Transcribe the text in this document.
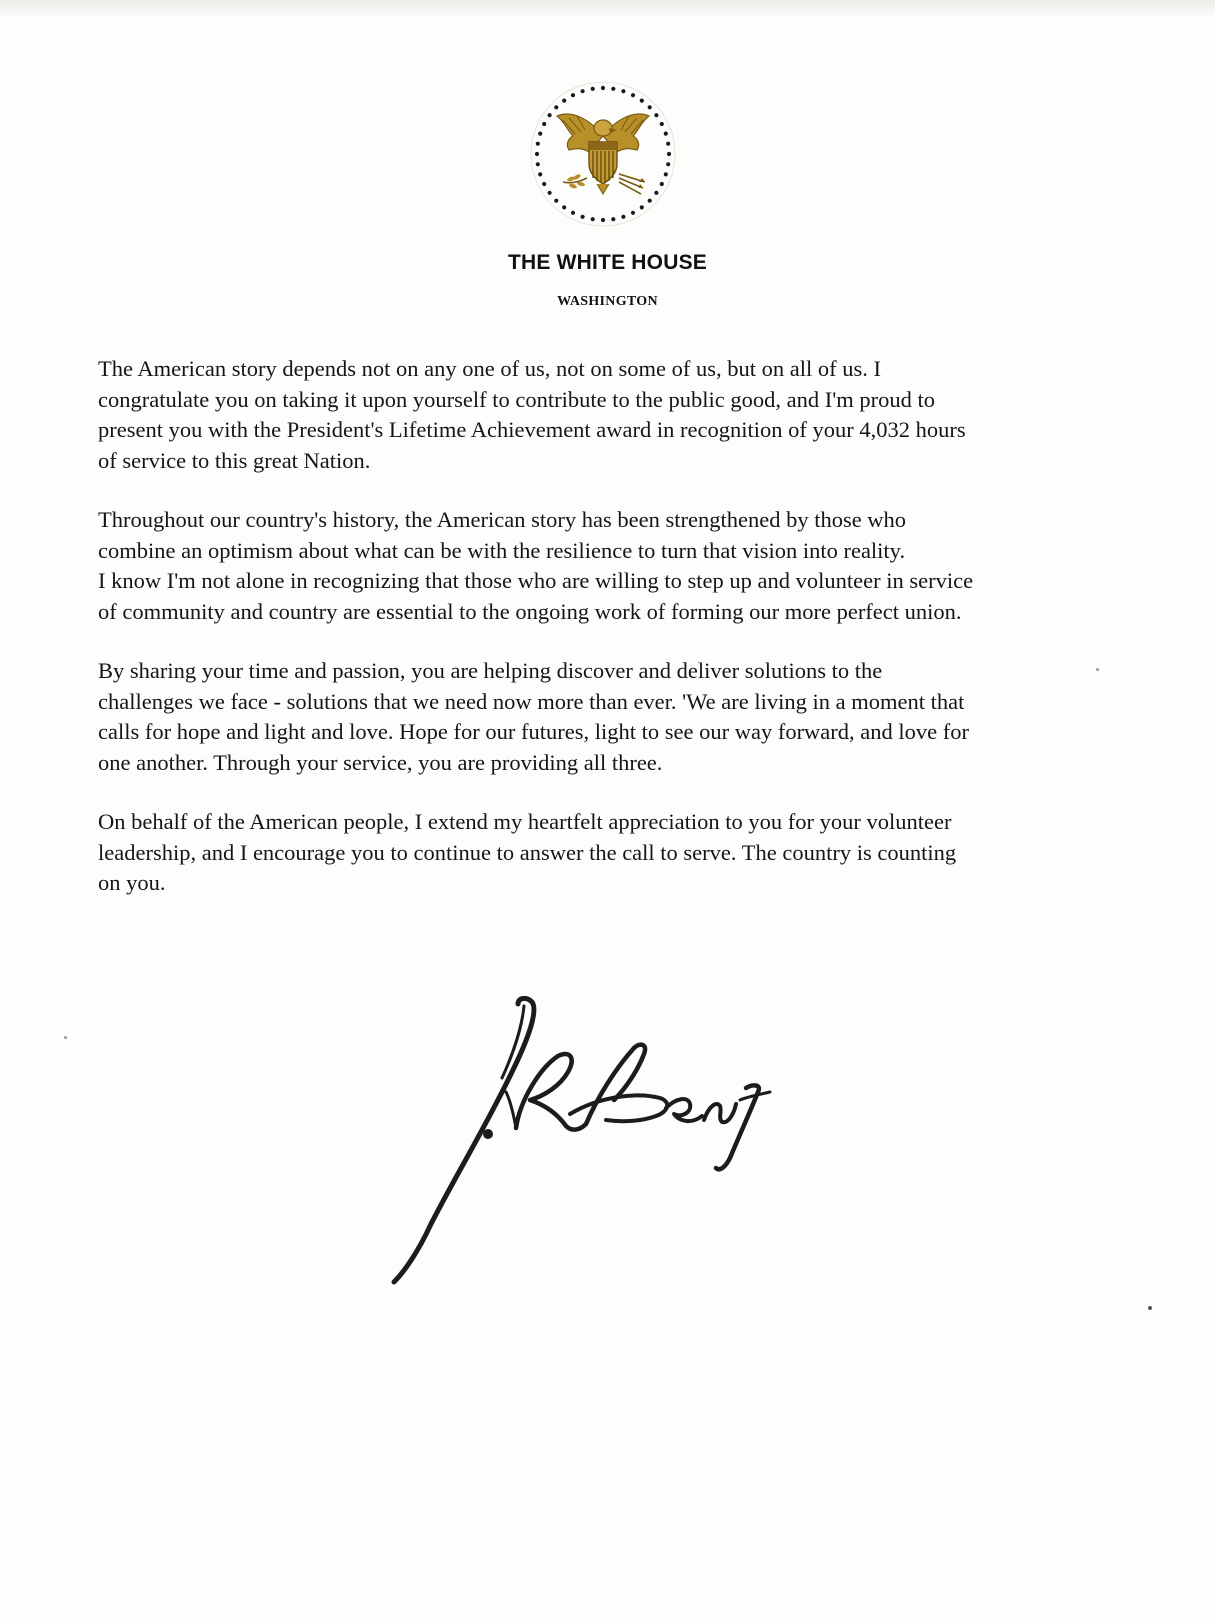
THE WHITE HOUSE
WASHINGTON

The American story depends not on any one of us, not on some of us, but on all of us. I
congratulate you on taking it upon yourself to contribute to the public good, and I'm proud to
present you with the President's Lifetime Achievement award in recognition of your 4,032 hours
of service to this great Nation.

Throughout our country's history, the American story has been strengthened by those who
combine an optimism about what can be with the resilience to turn that vision into reality.
I know I'm not alone in recognizing that those who are willing to step up and volunteer in service
of community and country are essential to the ongoing work of forming our more perfect union.

By sharing your time and passion, you are helping discover and deliver solutions to the
challenges we face - solutions that we need now more than ever. 'We are living in a moment that
calls for hope and light and love. Hope for our futures, light to see our way forward, and love for
one another. Through your service, you are providing all three.

On behalf of the American people, I extend my heartfelt appreciation to you for your volunteer
leadership, and I encourage you to continue to answer the call to serve. The country is counting
on you.
